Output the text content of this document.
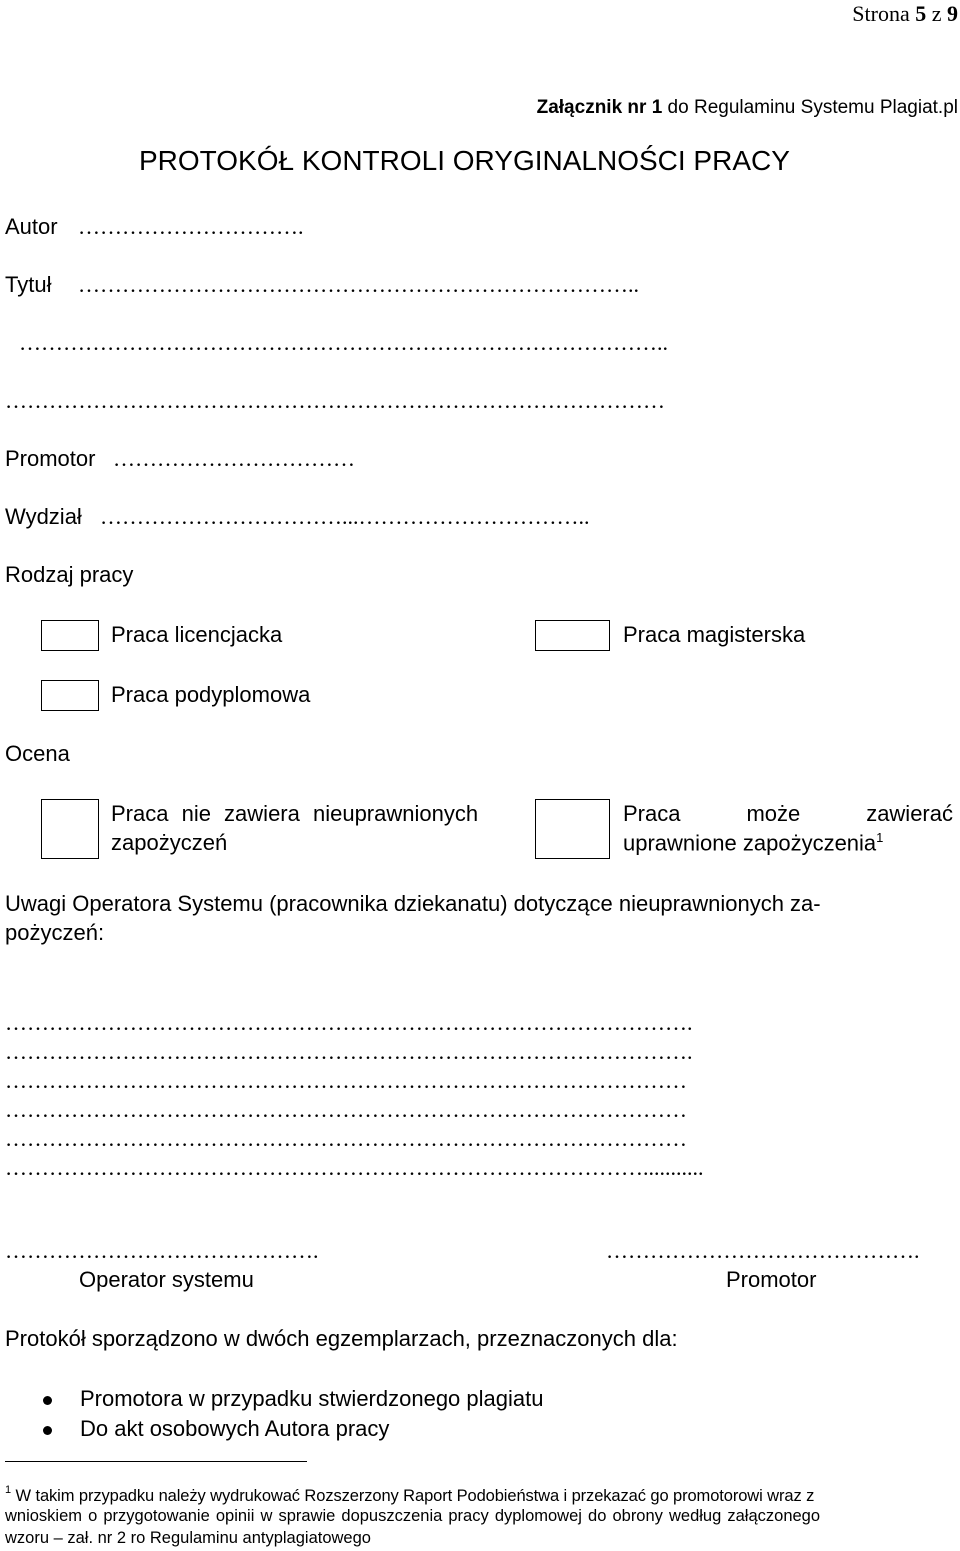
Strona 5 z 9
Załącznik nr 1 do Regulaminu Systemu Plagiat.pl
PROTOKÓŁ KONTROLI ORYGINALNOŚCI PRACY
Autor ………………………….
Tytuł …………………………………………………………………..
……………………………………………………………………………..
………………………………………………………………………………
Promotor ……………………………
Wydział ……………………………...…………………………..
Rodzaj pracy
Praca licencjacka	Praca magisterska
Praca podyplomowa
Ocena
Praca nie zawiera nieuprawnionych
zapożyczeń
Praca	może	zawierać
uprawnione zapożyczenia$^1$
Uwagi Operatora Systemu (pracownika dziekanatu) dotyczące nieuprawnionych za-
pożyczeń:
………………………………………………………………………………….
………………………………………………………………………………….
…………………………………………………………………………………
…………………………………………………………………………………
…………………………………………………………………………………
……………………………………………………………………………...........
…………………………………….
Operator systemu
…………………………………….
Promotor
Protokół sporządzono w dwóch egzemplarzach, przeznaczonych dla:
Promotora w przypadku stwierdzonego plagiatu
Do akt osobowych Autora pracy
$^1$ W takim przypadku należy wydrukować Rozszerzony Raport Podobieństwa i przekazać go promotorowi wraz z
wnioskiem o przygotowanie opinii w sprawie dopuszczenia pracy dyplomowej do obrony według załączonego
wzoru – zał. nr 2 ro Regulaminu antyplagiatowego
